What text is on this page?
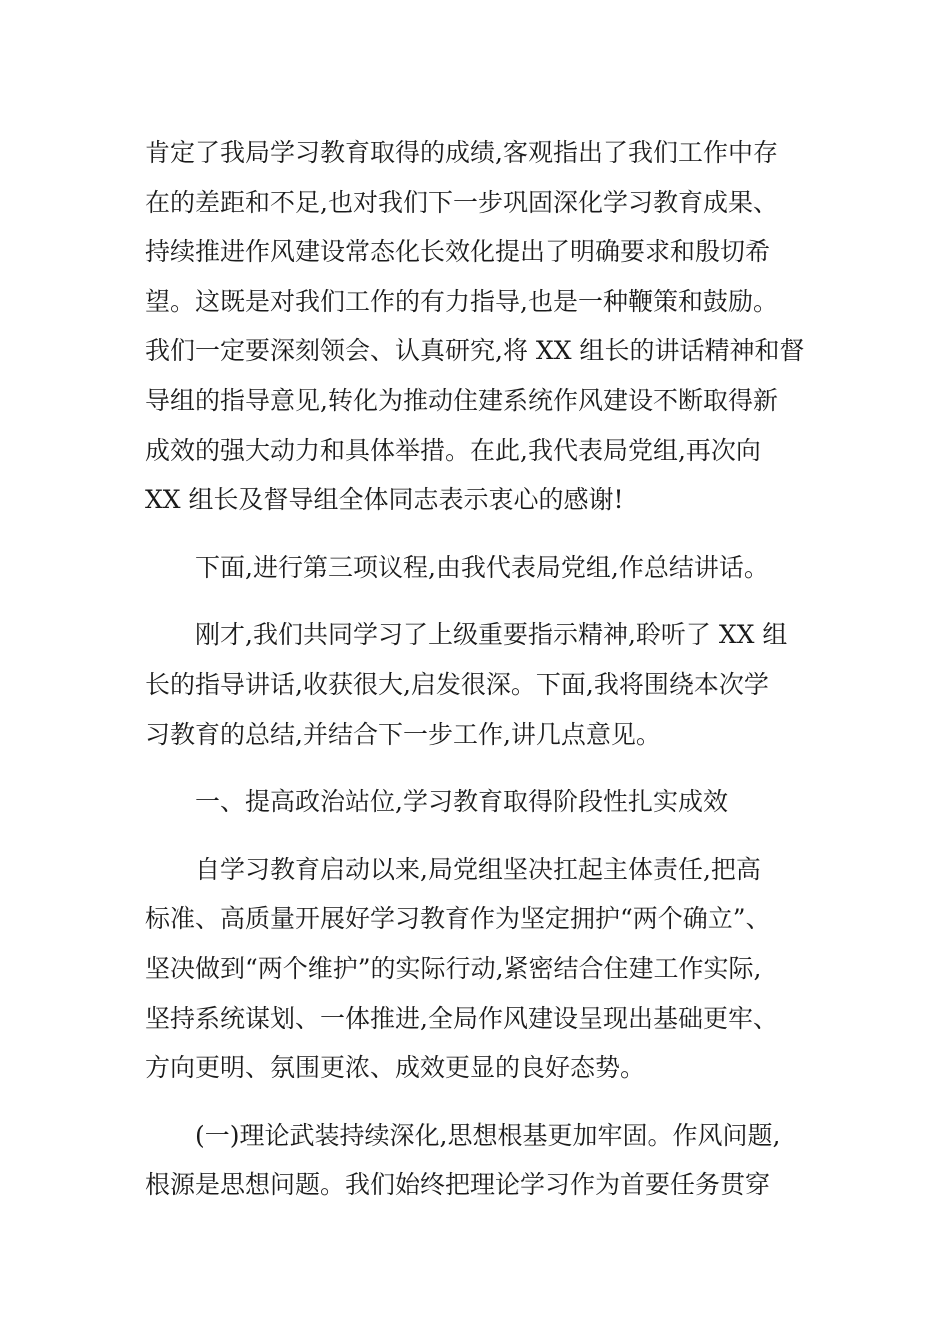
肯定了我局学习教育取得的成绩,客观指出了我们工作中存
在的差距和不足,也对我们下一步巩固深化学习教育成果、
持续推进作风建设常态化长效化提出了明确要求和殷切希
望。这既是对我们工作的有力指导,也是一种鞭策和鼓励。
我们一定要深刻领会、认真研究,将 XX 组长的讲话精神和督
导组的指导意见,转化为推动住建系统作风建设不断取得新
成效的强大动力和具体举措。在此,我代表局党组,再次向
XX 组长及督导组全体同志表示衷心的感谢!
下面,进行第三项议程,由我代表局党组,作总结讲话。
刚才,我们共同学习了上级重要指示精神,聆听了 XX 组
长的指导讲话,收获很大,启发很深。下面,我将围绕本次学
习教育的总结,并结合下一步工作,讲几点意见。
一、提高政治站位,学习教育取得阶段性扎实成效
自学习教育启动以来,局党组坚决扛起主体责任,把高
标准、高质量开展好学习教育作为坚定拥护“两个确立”、
坚决做到“两个维护”的实际行动,紧密结合住建工作实际,
坚持系统谋划、一体推进,全局作风建设呈现出基础更牢、
方向更明、氛围更浓、成效更显的良好态势。
(一)理论武装持续深化,思想根基更加牢固。作风问题,
根源是思想问题。我们始终把理论学习作为首要任务贯穿
